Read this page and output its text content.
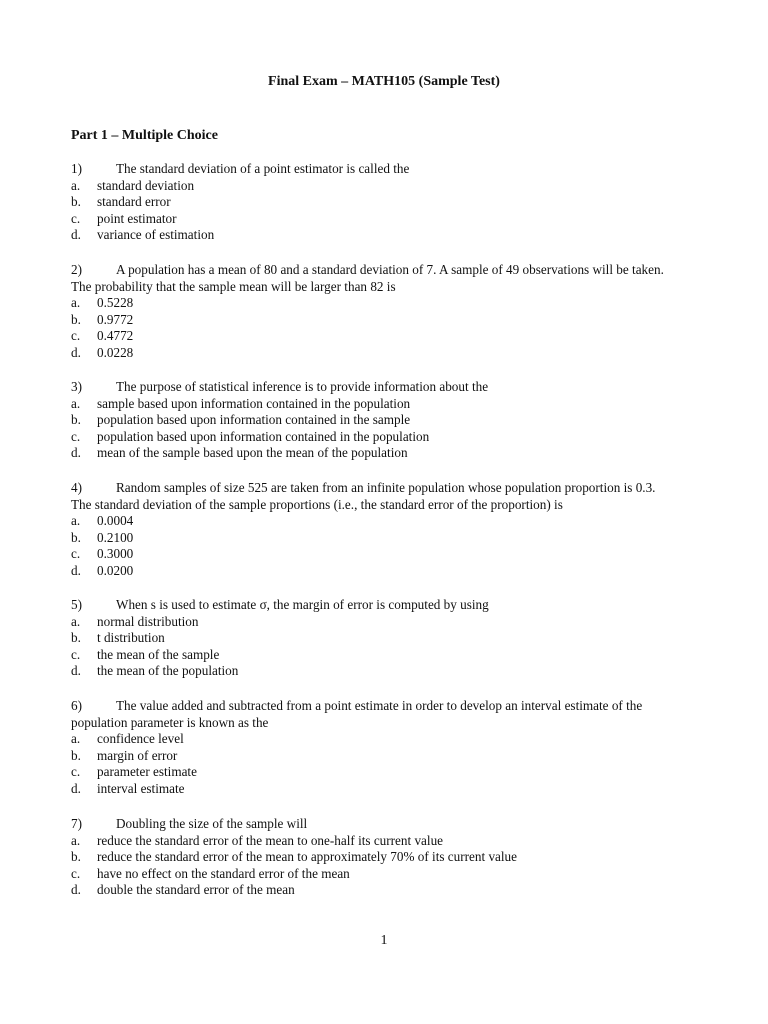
Final Exam – MATH105 (Sample Test)
Part 1 – Multiple Choice
1)	The standard deviation of a point estimator is called the
a.	standard deviation
b.	standard error
c.	point estimator
d.	variance of estimation
2)	A population has a mean of 80 and a standard deviation of 7. A sample of 49 observations will be taken.
The probability that the sample mean will be larger than 82 is
a.	0.5228
b.	0.9772
c.	0.4772
d.	0.0228
3)	The purpose of statistical inference is to provide information about the
a.	sample based upon information contained in the population
b.	population based upon information contained in the sample
c.	population based upon information contained in the population
d.	mean of the sample based upon the mean of the population
4)	Random samples of size 525 are taken from an infinite population whose population proportion is 0.3.
The standard deviation of the sample proportions (i.e., the standard error of the proportion) is
a.	0.0004
b.	0.2100
c.	0.3000
d.	0.0200
5)	When s is used to estimate σ, the margin of error is computed by using
a.	normal distribution
b.	t distribution
c.	the mean of the sample
d.	the mean of the population
6)	The value added and subtracted from a point estimate in order to develop an interval estimate of the
population parameter is known as the
a.	confidence level
b.	margin of error
c.	parameter estimate
d.	interval estimate
7)	Doubling the size of the sample will
a.	reduce the standard error of the mean to one-half its current value
b.	reduce the standard error of the mean to approximately 70% of its current value
c.	have no effect on the standard error of the mean
d.	double the standard error of the mean
1
